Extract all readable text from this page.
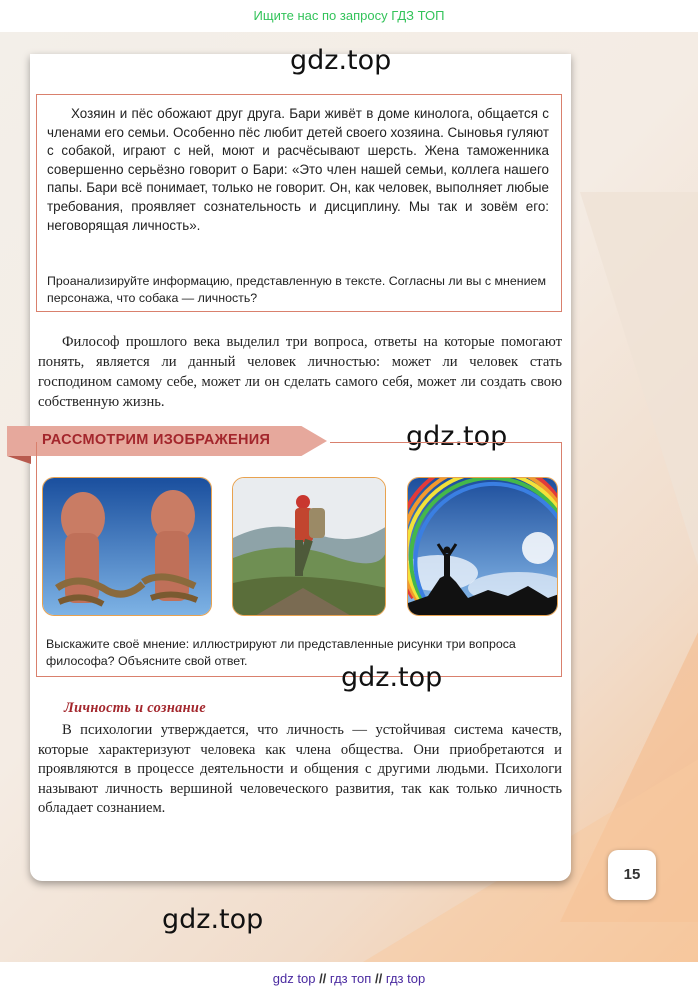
Ищите нас по запросу ГДЗ ТОП
gdz.top
Хозяин и пёс обожают друг друга. Бари живёт в доме кинолога, общается с членами его семьи. Особенно пёс любит детей своего хозяина. Сыновья гуляют с собакой, играют с ней, моют и расчёсывают шерсть. Жена таможенника совершенно серьёзно говорит о Бари: «Это член нашей семьи, коллега нашего папы. Бари всё понимает, только не говорит. Он, как человек, выполняет любые требования, проявляет сознательность и дисциплину. Мы так и зовём его: неговорящая личность».
Проанализируйте информацию, представленную в тексте. Согласны ли вы с мнением персонажа, что собака — личность?
Философ прошлого века выделил три вопроса, ответы на которые помогают понять, является ли данный человек личностью: может ли человек стать господином самому себе, может ли он сделать самого себя, может ли создать свою собственную жизнь.
РАССМОТРИМ ИЗОБРАЖЕНИЯ	gdz.top
Выскажите своё мнение: иллюстрируют ли представленные рисунки три вопроса философа? Объясните свой ответ.
gdz.top
Личность и сознание
В психологии утверждается, что личность — устойчивая система качеств, которые характеризуют человека как члена общества. Они приобретаются и проявляются в процессе деятельности и общения с другими людьми. Психологи называют личность вершиной человеческого развития, так как только личность обладает сознанием.
15
gdz.top
gdz top // гдз топ // гдз top
